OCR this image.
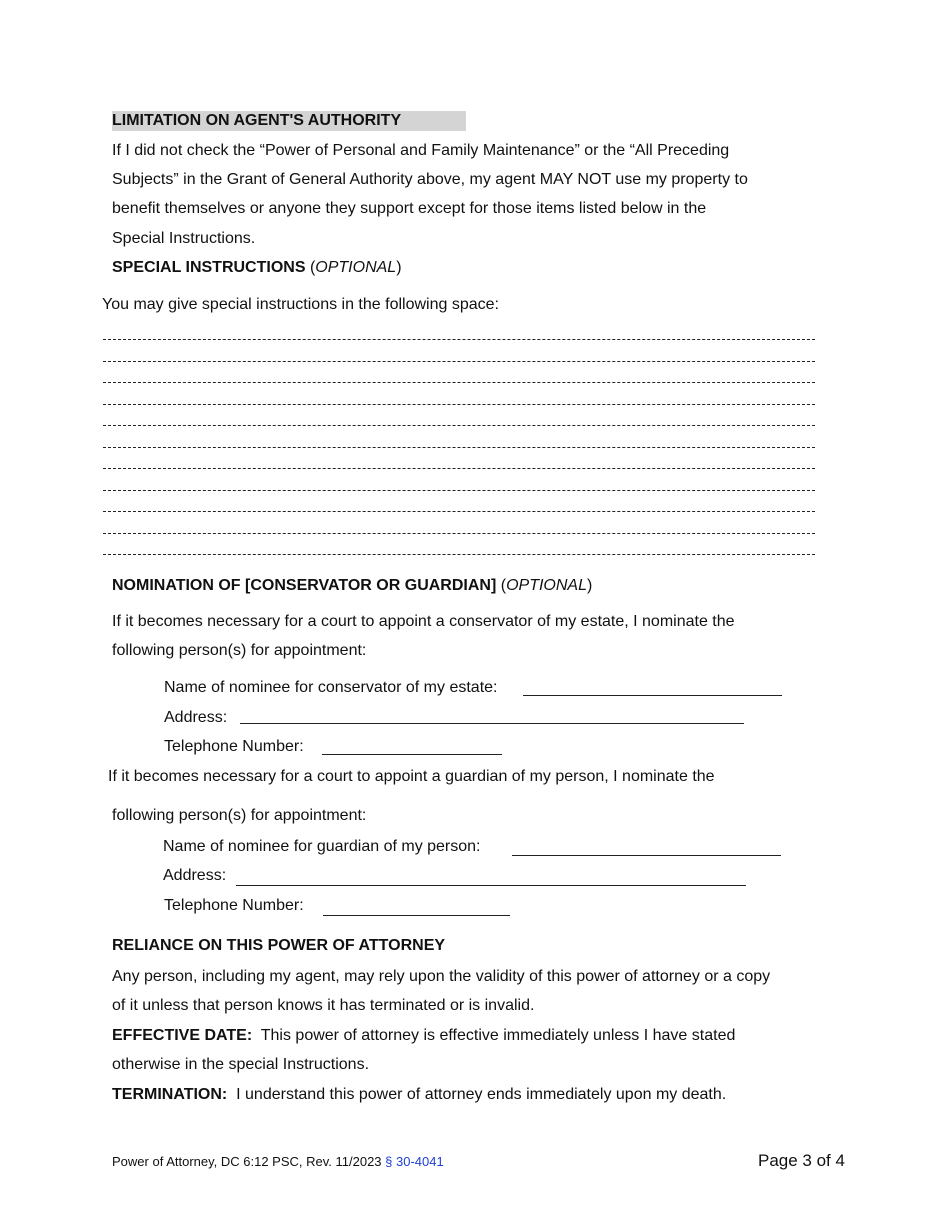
LIMITATION ON AGENT'S AUTHORITY
If I did not check the “Power of Personal and Family Maintenance” or the “All Preceding
Subjects” in the Grant of General Authority above, my agent MAY NOT use my property to
benefit themselves or anyone they support except for those items listed below in the
Special Instructions.
SPECIAL INSTRUCTIONS (OPTIONAL)
You may give special instructions in the following space:
NOMINATION OF [CONSERVATOR OR GUARDIAN] (OPTIONAL)
If it becomes necessary for a court to appoint a conservator of my estate, I nominate the
following person(s) for appointment:
Name of nominee for conservator of my estate:
Address:
Telephone Number:
If it becomes necessary for a court to appoint a guardian of my person, I nominate the
following person(s) for appointment:
Name of nominee for guardian of my person:
Address:
Telephone Number:
RELIANCE ON THIS POWER OF ATTORNEY
Any person, including my agent, may rely upon the validity of this power of attorney or a copy
of it unless that person knows it has terminated or is invalid.
EFFECTIVE DATE:  This power of attorney is effective immediately unless I have stated
otherwise in the special Instructions.
TERMINATION:  I understand this power of attorney ends immediately upon my death.
Power of Attorney, DC 6:12 PSC, Rev. 11/2023 § 30-4041	Page 3 of 4
